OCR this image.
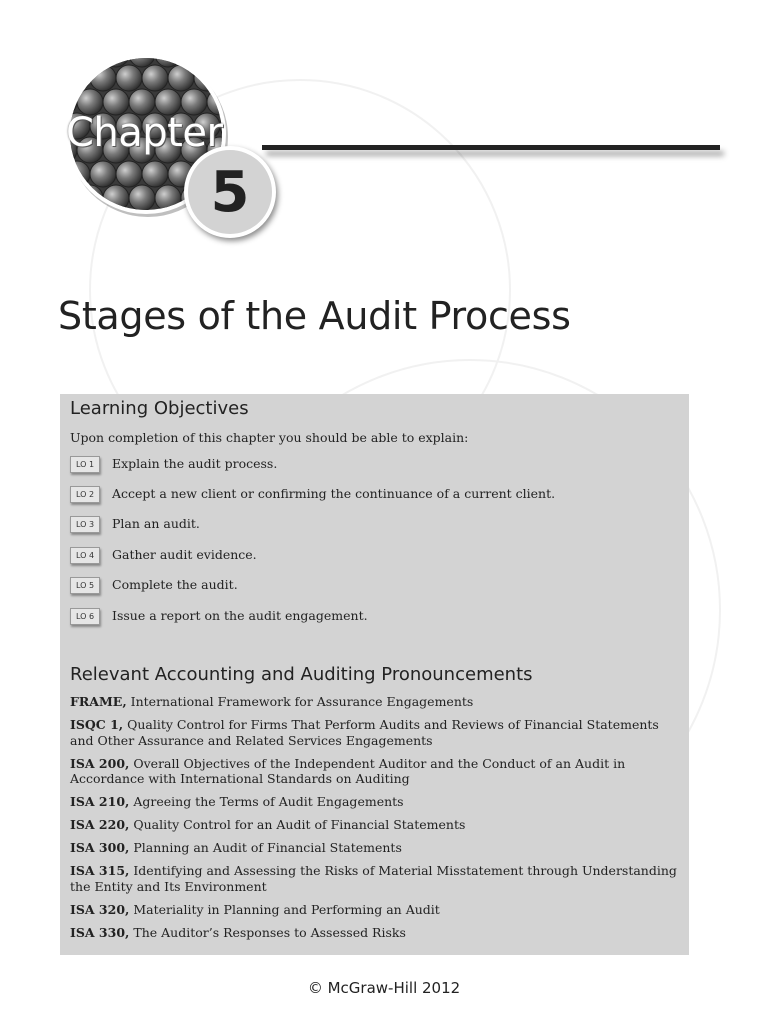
Chapter
5
Stages of the Audit Process
Learning Objectives
Upon completion of this chapter you should be able to explain:
LO 1	Explain the audit process.
LO 2	Accept a new client or confirming the continuance of a current client.
LO 3	Plan an audit.
LO 4	Gather audit evidence.
LO 5	Complete the audit.
LO 6	Issue a report on the audit engagement.
Relevant Accounting and Auditing Pronouncements
FRAME, International Framework for Assurance Engagements
ISQC 1, Quality Control for Firms That Perform Audits and Reviews of Financial Statements and Other Assurance and Related Services Engagements
ISA 200, Overall Objectives of the Independent Auditor and the Conduct of an Audit in Accordance with International Standards on Auditing
ISA 210, Agreeing the Terms of Audit Engagements
ISA 220, Quality Control for an Audit of Financial Statements
ISA 300, Planning an Audit of Financial Statements
ISA 315, Identifying and Assessing the Risks of Material Misstatement through Understanding the Entity and Its Environment
ISA 320, Materiality in Planning and Performing an Audit
ISA 330, The Auditor’s Responses to Assessed Risks
© McGraw-Hill 2012
